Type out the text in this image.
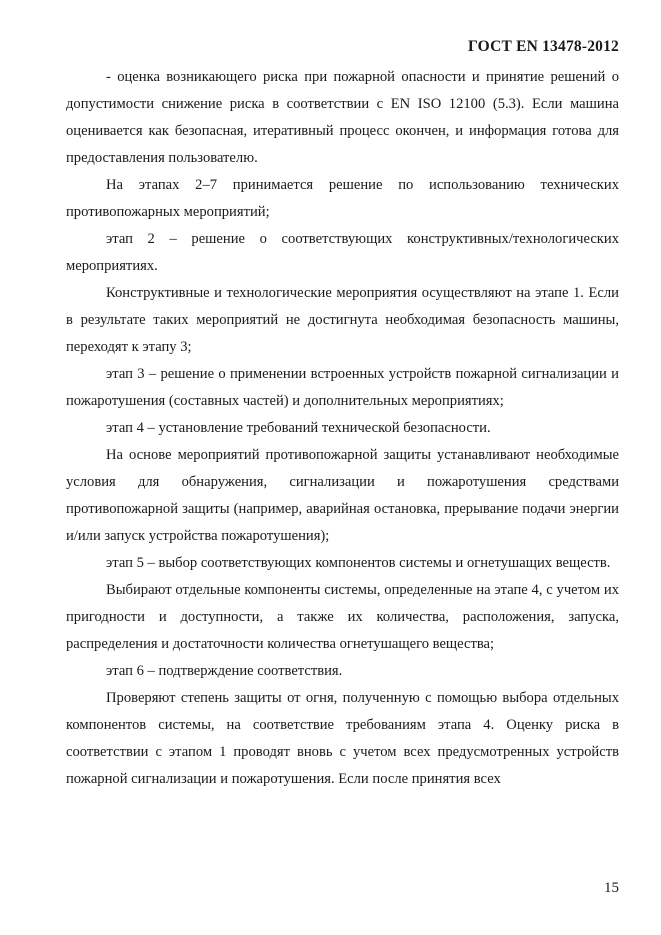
ГОСТ EN 13478-2012

- оценка возникающего риска при пожарной опасности и принятие решений о допустимости снижение риска в соответствии с EN ISO 12100 (5.3). Если машина оценивается как безопасная, итеративный процесс окончен, и информация готова для предоставления пользователю.

На этапах 2–7 принимается решение по использованию технических противопожарных мероприятий;

этап 2 – решение о соответствующих конструктивных/технологических мероприятиях.

Конструктивные и технологические мероприятия осуществляют на этапе 1. Если в результате таких мероприятий не достигнута необходимая безопасность машины, переходят к этапу 3;

этап 3 – решение о применении встроенных устройств пожарной сигнализации и пожаротушения (составных частей) и дополнительных мероприятиях;

этап 4 – установление требований технической безопасности.

На основе мероприятий противопожарной защиты устанавливают необходимые условия для обнаружения, сигнализации и пожаротушения средствами противопожарной защиты (например, аварийная остановка, прерывание подачи энергии и/или запуск устройства пожаротушения);

этап 5 – выбор соответствующих компонентов системы и огнетушащих веществ.

Выбирают отдельные компоненты системы, определенные на этапе 4, с учетом их пригодности и доступности, а также их количества, расположения, запуска, распределения и достаточности количества огнетушащего вещества;

этап 6 – подтверждение соответствия.

Проверяют степень защиты от огня, полученную с помощью выбора отдельных компонентов системы, на соответствие требованиям этапа 4. Оценку риска в соответствии с этапом 1 проводят вновь с учетом всех предусмотренных устройств пожарной сигнализации и пожаротушения. Если после принятия всех

15
